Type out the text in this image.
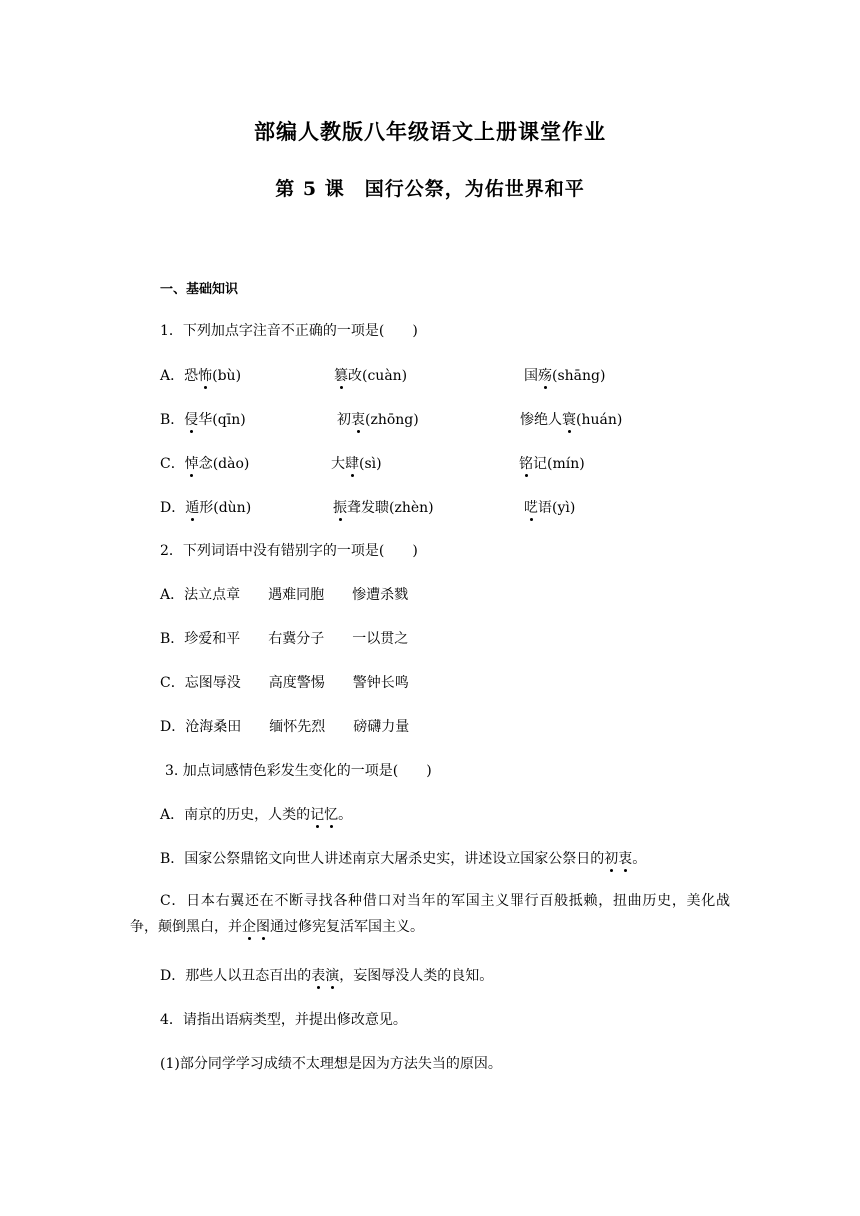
部编人教版八年级语文上册课堂作业
第 5 课　国行公祭，为佑世界和平
一、基础知识
1．下列加点字注音不正确的一项是(　　)
A．恐怖(bù)	篡改(cuàn)	国殇(shāng)
B．侵华(qīn)	初衷(zhōng)	惨绝人寰(huán)
C．悼念(dào)	大肆(sì)	铭记(mín)
D．遁形(dùn)	振聋发聩(zhèn)	呓语(yì)
2．下列词语中没有错别字的一项是(　　)
A．法立点章　　遇难同胞　　惨遭杀戮
B．珍爱和平　　右冀分子　　一以贯之
C．忘图辱没　　高度警惕　　警钟长鸣
D．沧海桑田　　缅怀先烈　　磅礴力量
3. 加点词感情色彩发生变化的一项是(　　)
A．南京的历史，人类的记忆。
B．国家公祭鼎铭文向世人讲述南京大屠杀史实，讲述设立国家公祭日的初衷。
C．日本右翼还在不断寻找各种借口对当年的军国主义罪行百般抵赖，扭曲历史，美化战争，颠倒黑白，并企图通过修宪复活军国主义。
D．那些人以丑态百出的表演，妄图辱没人类的良知。
4．请指出语病类型，并提出修改意见。
(1)部分同学学习成绩不太理想是因为方法失当的原因。
